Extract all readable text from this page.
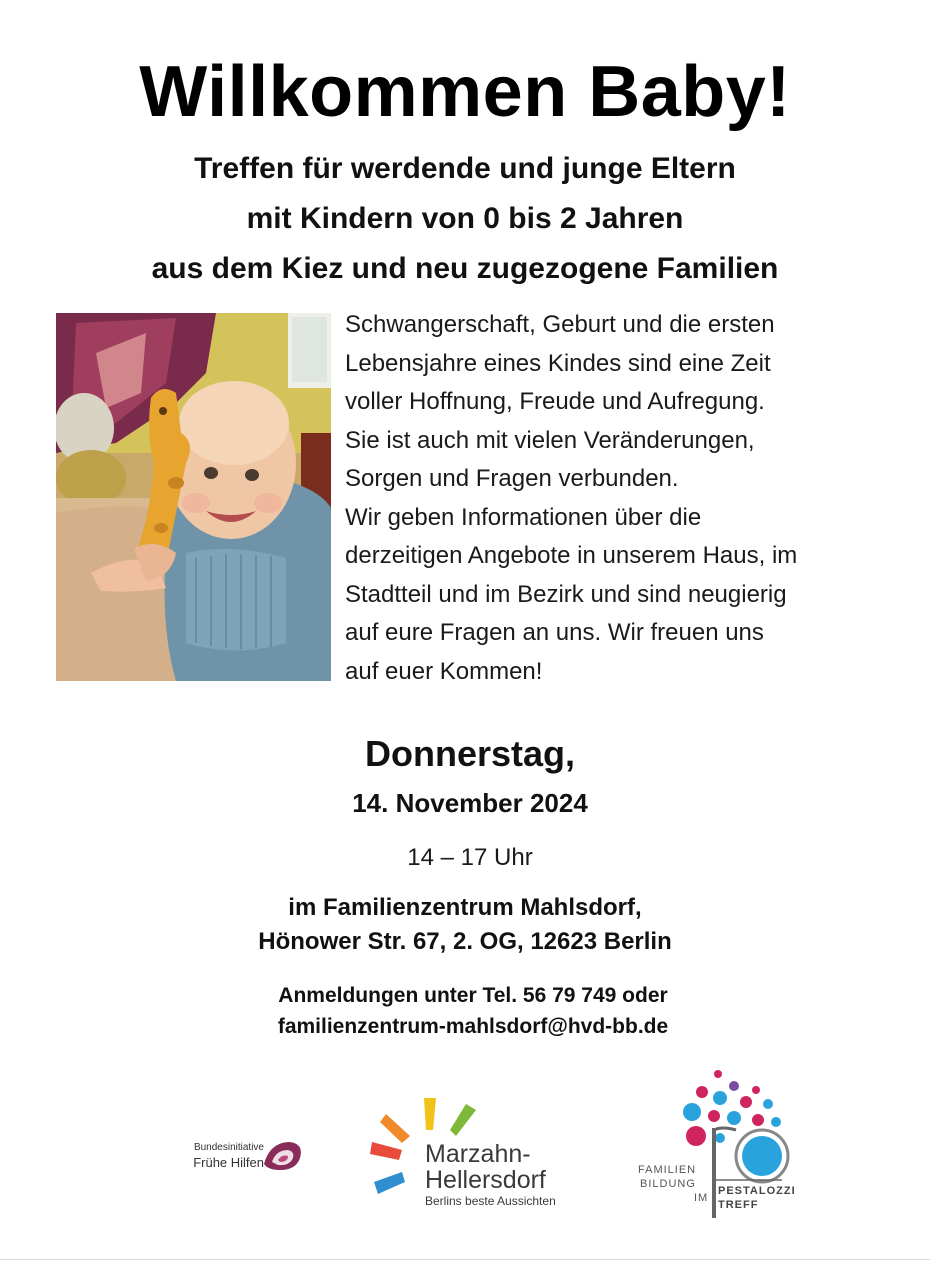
Willkommen Baby!
Treffen für werdende und junge Eltern
mit Kindern von 0 bis 2 Jahren
aus dem Kiez und neu zugezogene Familien
Schwangerschaft, Geburt und die ersten
Lebensjahre eines Kindes sind eine Zeit
voller Hoffnung, Freude und Aufregung.
Sie ist auch mit vielen Veränderungen,
Sorgen und Fragen verbunden.
Wir geben Informationen über die
derzeitigen Angebote in unserem Haus, im
Stadtteil und im Bezirk und sind neugierig
auf eure Fragen an uns. Wir freuen uns
auf euer Kommen!
Donnerstag,
14. November 2024
14 – 17 Uhr
im Familienzentrum Mahlsdorf,
Hönower Str. 67, 2. OG, 12623 Berlin
Anmeldungen unter Tel. 56 79 749 oder
familienzentrum-mahlsdorf@hvd-bb.de
Bundesinitiative
Frühe Hilfen	Marzahn-
Hellersdorf
Berlins beste Aussichten
FAMILIEN
BILDUNG
IM
PESTALOZZI
TREFF
